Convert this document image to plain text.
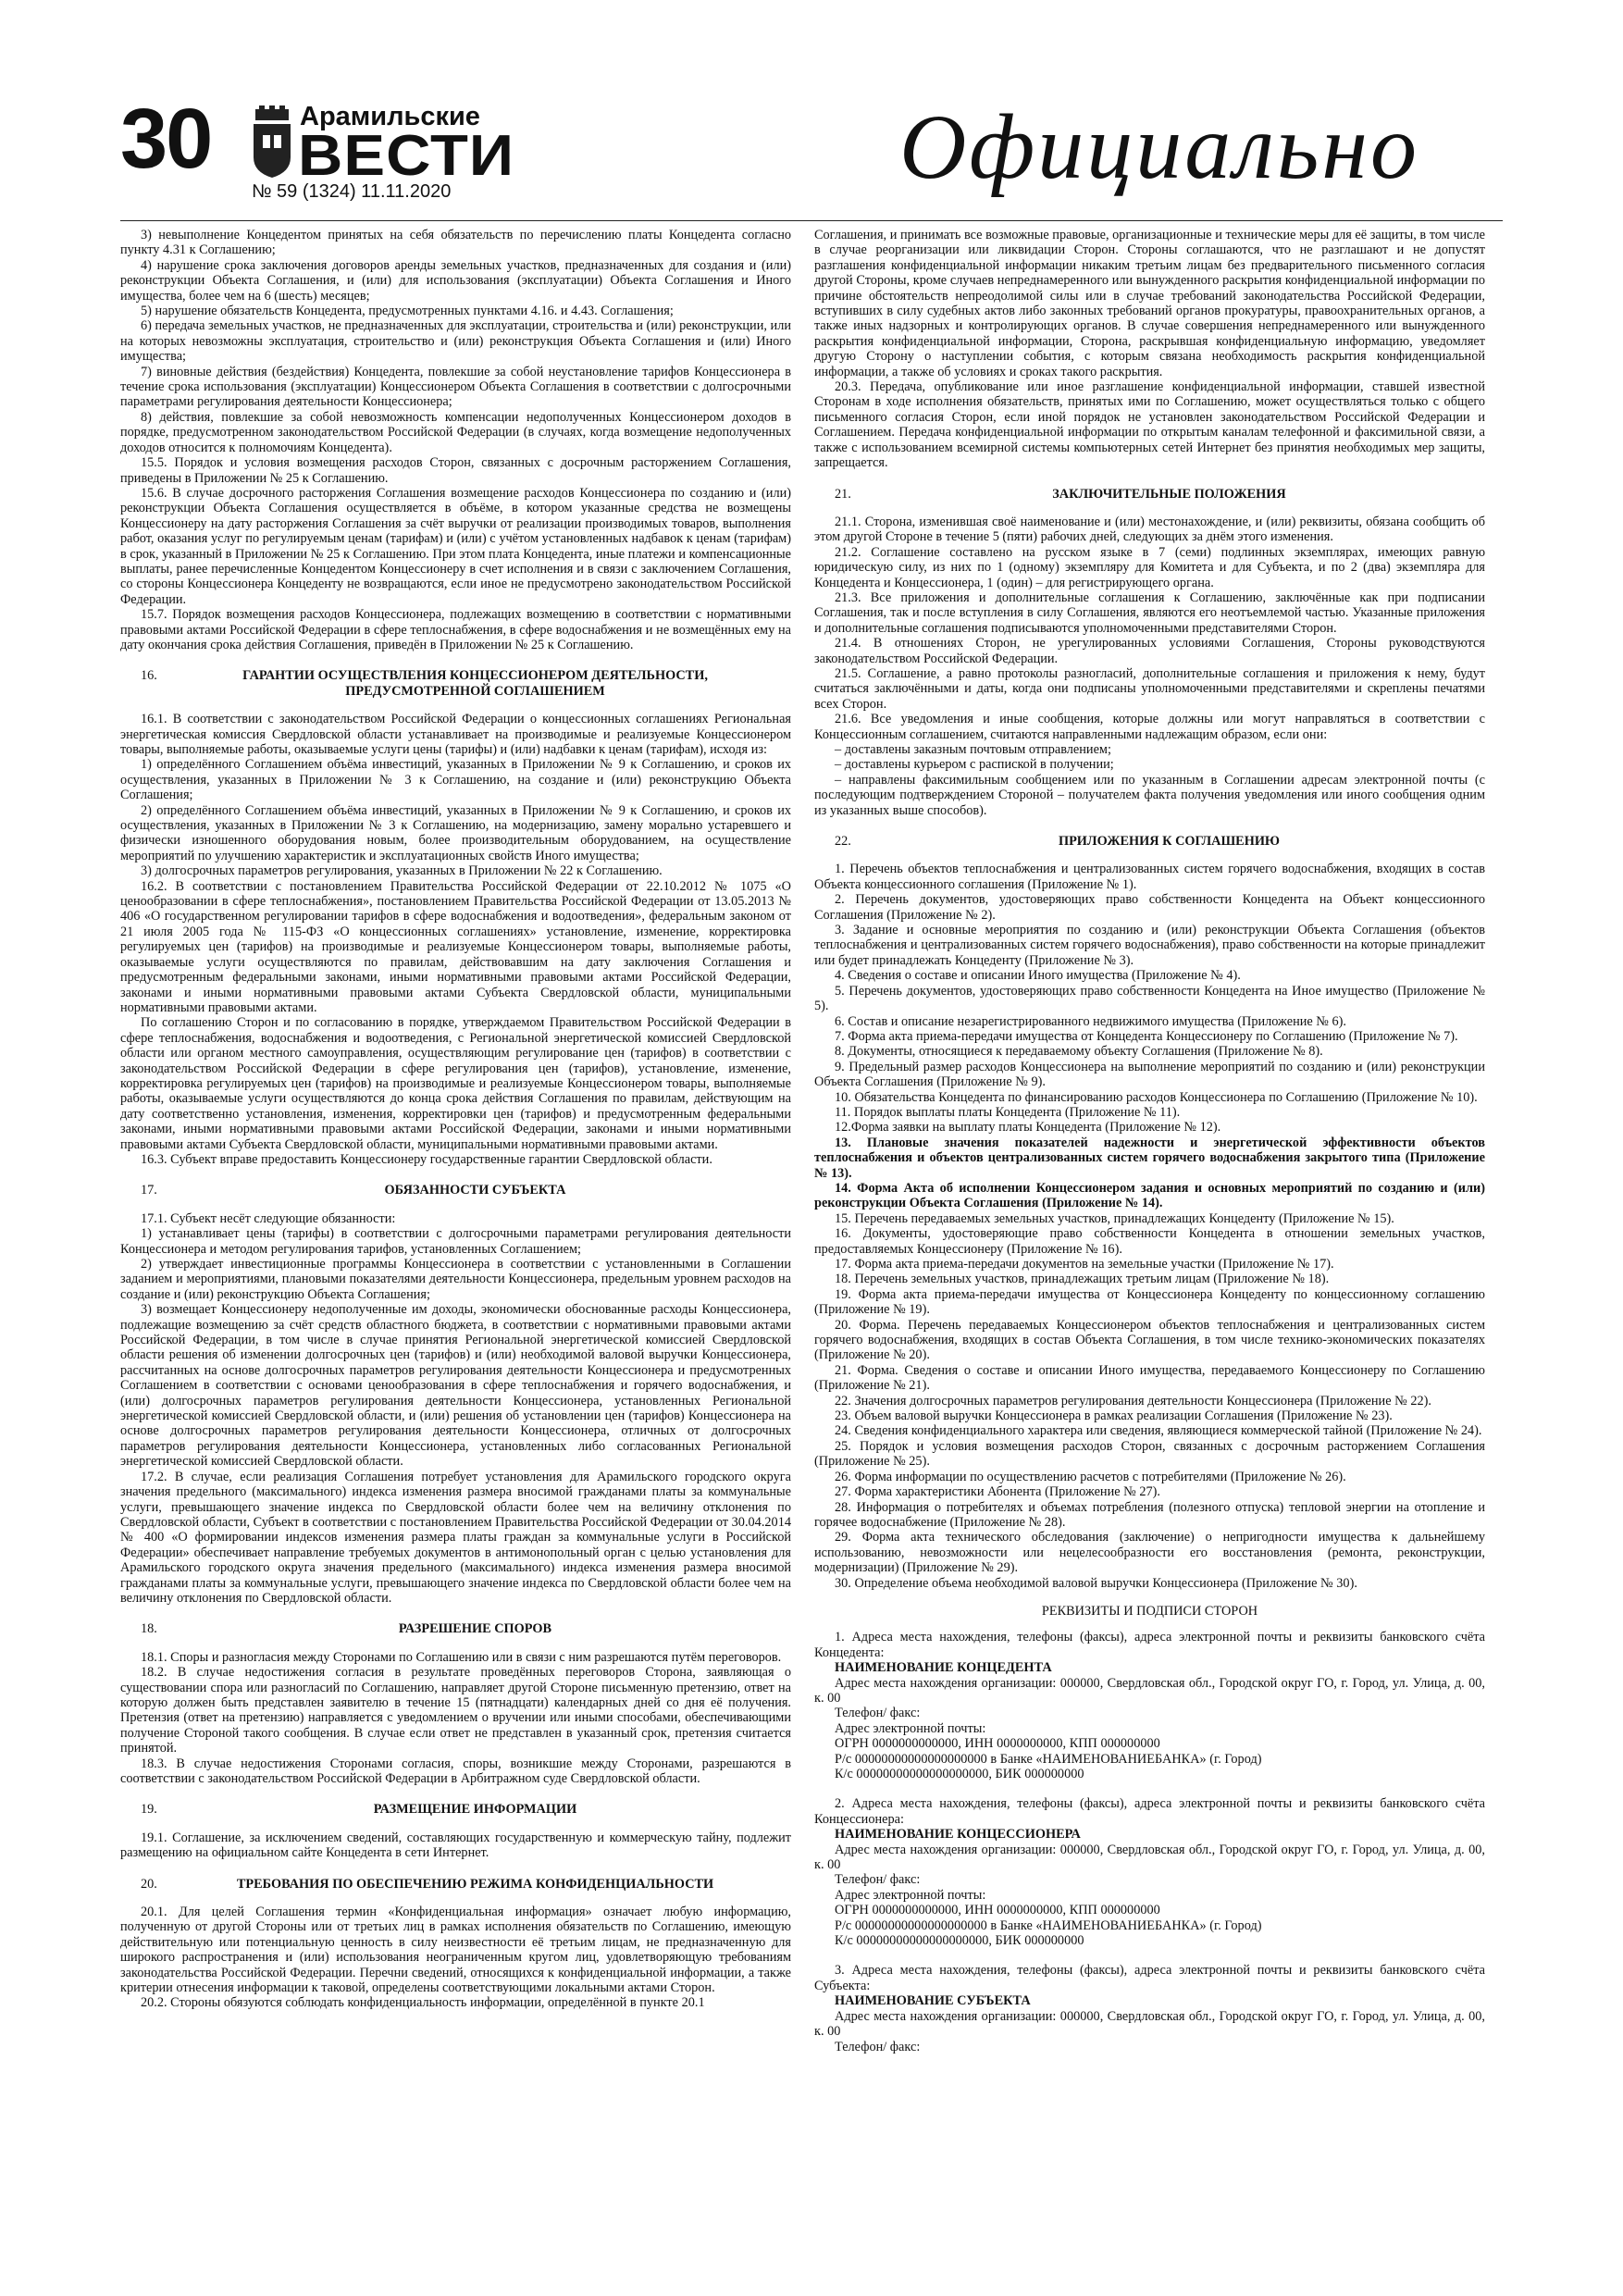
30	Арамильские
ВЕСТИ
№ 59 (1324) 11.11.2020	Официально

3) невыполнение Концедентом принятых на себя обязательств по перечислению платы Концедента согласно пункту 4.31 к Соглашению;

4) нарушение срока заключения договоров аренды земельных участков, предназначенных для создания и (или) реконструкции Объекта Соглашения, и (или) для использования (эксплуатации) Объекта Соглашения и Иного имущества, более чем на 6 (шесть) месяцев;

5) нарушение обязательств Концедента, предусмотренных пунктами 4.16. и 4.43. Соглашения;

6) передача земельных участков, не предназначенных для эксплуатации, строительства и (или) реконструкции, или на которых невозможны эксплуатация, строительство и (или) реконструкция Объекта Соглашения и (или) Иного имущества;

7) виновные действия (бездействия) Концедента, повлекшие за собой неустановление тарифов Концессионера в течение срока использования (эксплуатации) Концессионером Объекта Соглашения в соответствии с долгосрочными параметрами регулирования деятельности Концессионера;

8) действия, повлекшие за собой невозможность компенсации недополученных Концессионером доходов в порядке, предусмотренном законодательством Российской Федерации (в случаях, когда возмещение недополученных доходов относится к полномочиям Концедента).

15.5. Порядок и условия возмещения расходов Сторон, связанных с досрочным расторжением Соглашения, приведены в Приложении № 25 к Соглашению.

15.6. В случае досрочного расторжения Соглашения возмещение расходов Концессионера по созданию и (или) реконструкции Объекта Соглашения осуществляется в объёме, в котором указанные средства не возмещены Концессионеру на дату расторжения Соглашения за счёт выручки от реализации производимых товаров, выполнения работ, оказания услуг по регулируемым ценам (тарифам) и (или) с учётом установленных надбавок к ценам (тарифам) в срок, указанный в Приложении № 25 к Соглашению. При этом плата Концедента, иные платежи и компенсационные выплаты, ранее перечисленные Концедентом Концессионеру в счет исполнения и в связи с заключением Соглашения, со стороны Концессионера Концеденту не возвращаются, если иное не предусмотрено законодательством Российской Федерации.

15.7. Порядок возмещения расходов Концессионера, подлежащих возмещению в соответствии с нормативными правовыми актами Российской Федерации в сфере теплоснабжения, в сфере водоснабжения и не возмещённых ему на дату окончания срока действия Соглашения, приведён в Приложении № 25 к Соглашению.

16.	ГАРАНТИИ ОСУЩЕСТВЛЕНИЯ КОНЦЕССИОНЕРОМ ДЕЯТЕЛЬНОСТИ, ПРЕДУСМОТРЕННОЙ СОГЛАШЕНИЕМ

16.1. В соответствии с законодательством Российской Федерации о концессионных соглашениях Региональная энергетическая комиссия Свердловской области устанавливает на производимые и реализуемые Концессионером товары, выполняемые работы, оказываемые услуги цены (тарифы) и (или) надбавки к ценам (тарифам), исходя из:

1) определённого Соглашением объёма инвестиций, указанных в Приложении № 9 к Соглашению, и сроков их осуществления, указанных в Приложении № 3 к Соглашению, на создание и (или) реконструкцию Объекта Соглашения;

2) определённого Соглашением объёма инвестиций, указанных в Приложении № 9 к Соглашению, и сроков их осуществления, указанных в Приложении № 3 к Соглашению, на модернизацию, замену морально устаревшего и физически изношенного оборудования новым, более производительным оборудованием, на осуществление мероприятий по улучшению характеристик и эксплуатационных свойств Иного имущества;

3) долгосрочных параметров регулирования, указанных в Приложении № 22 к Соглашению.

16.2. В соответствии с постановлением Правительства Российской Федерации от 22.10.2012 № 1075 «О ценообразовании в сфере теплоснабжения», постановлением Правительства Российской Федерации от 13.05.2013 № 406 «О государственном регулировании тарифов в сфере водоснабжения и водоотведения», федеральным законом от 21 июля 2005 года № 115-ФЗ «О концессионных соглашениях» установление, изменение, корректировка регулируемых цен (тарифов) на производимые и реализуемые Концессионером товары, выполняемые работы, оказываемые услуги осуществляются по правилам, действовавшим на дату заключения Соглашения и предусмотренным федеральными законами, иными нормативными правовыми актами Российской Федерации, законами и иными нормативными правовыми актами Субъекта Свердловской области, муниципальными нормативными правовыми актами.

По соглашению Сторон и по согласованию в порядке, утверждаемом Правительством Российской Федерации в сфере теплоснабжения, водоснабжения и водоотведения, с Региональной энергетической комиссией Свердловской области или органом местного самоуправления, осуществляющим регулирование цен (тарифов) в соответствии с законодательством Российской Федерации в сфере регулирования цен (тарифов), установление, изменение, корректировка регулируемых цен (тарифов) на производимые и реализуемые Концессионером товары, выполняемые работы, оказываемые услуги осуществляются до конца срока действия Соглашения по правилам, действующим на дату соответственно установления, изменения, корректировки цен (тарифов) и предусмотренным федеральными законами, иными нормативными правовыми актами Российской Федерации, законами и иными нормативными правовыми актами Субъекта Свердловской области, муниципальными нормативными правовыми актами.

16.3. Субъект вправе предоставить Концессионеру государственные гарантии Свердловской области.

17.	ОБЯЗАННОСТИ СУБЪЕКТА

17.1. Субъект несёт следующие обязанности:

1) устанавливает цены (тарифы) в соответствии с долгосрочными параметрами регулирования деятельности Концессионера и методом регулирования тарифов, установленных Соглашением;

2) утверждает инвестиционные программы Концессионера в соответствии с установленными в Соглашении заданием и мероприятиями, плановыми показателями деятельности Концессионера, предельным уровнем расходов на создание и (или) реконструкцию Объекта Соглашения;

3) возмещает Концессионеру недополученные им доходы, экономически обоснованные расходы Концессионера, подлежащие возмещению за счёт средств областного бюджета, в соответствии с нормативными правовыми актами Российской Федерации, в том числе в случае принятия Региональной энергетической комиссией Свердловской области решения об изменении долгосрочных цен (тарифов) и (или) необходимой валовой выручки Концессионера, рассчитанных на основе долгосрочных параметров регулирования деятельности Концессионера и предусмотренных Соглашением в соответствии с основами ценообразования в сфере теплоснабжения и горячего водоснабжения, и (или) долгосрочных параметров регулирования деятельности Концессионера, установленных Региональной энергетической комиссией Свердловской области, и (или) решения об установлении цен (тарифов) Концессионера на основе долгосрочных параметров регулирования деятельности Концессионера, отличных от долгосрочных параметров регулирования деятельности Концессионера, установленных либо согласованных Региональной энергетической комиссией Свердловской области.

17.2. В случае, если реализация Соглашения потребует установления для Арамильского городского округа значения предельного (максимального) индекса изменения размера вносимой гражданами платы за коммунальные услуги, превышающего значение индекса по Свердловской области более чем на величину отклонения по Свердловской области, Субъект в соответствии с постановлением Правительства Российской Федерации от 30.04.2014 № 400 «О формировании индексов изменения размера платы граждан за коммунальные услуги в Российской Федерации» обеспечивает направление требуемых документов в антимонопольный орган с целью установления для Арамильского городского округа значения предельного (максимального) индекса изменения размера вносимой гражданами платы за коммунальные услуги, превышающего значение индекса по Свердловской области более чем на величину отклонения по Свердловской области.

18.	РАЗРЕШЕНИЕ СПОРОВ

18.1. Споры и разногласия между Сторонами по Соглашению или в связи с ним разрешаются путём переговоров.

18.2. В случае недостижения согласия в результате проведённых переговоров Сторона, заявляющая о существовании спора или разногласий по Соглашению, направляет другой Стороне письменную претензию, ответ на которую должен быть представлен заявителю в течение 15 (пятнадцати) календарных дней со дня её получения. Претензия (ответ на претензию) направляется с уведомлением о вручении или иными способами, обеспечивающими получение Стороной такого сообщения. В случае если ответ не представлен в указанный срок, претензия считается принятой.

18.3. В случае недостижения Сторонами согласия, споры, возникшие между Сторонами, разрешаются в соответствии с законодательством Российской Федерации в Арбитражном суде Свердловской области.

19.	РАЗМЕЩЕНИЕ ИНФОРМАЦИИ

19.1. Соглашение, за исключением сведений, составляющих государственную и коммерческую тайну, подлежит размещению на официальном сайте Концедента в сети Интернет.

20.	ТРЕБОВАНИЯ ПО ОБЕСПЕЧЕНИЮ РЕЖИМА КОНФИДЕНЦИАЛЬНОСТИ

20.1. Для целей Соглашения термин «Конфиденциальная информация» означает любую информацию, полученную от другой Стороны или от третьих лиц в рамках исполнения обязательств по Соглашению, имеющую действительную или потенциальную ценность в силу неизвестности её третьим лицам, не предназначенную для широкого распространения и (или) использования неограниченным кругом лиц, удовлетворяющую требованиям законодательства Российской Федерации. Перечни сведений, относящихся к конфиденциальной информации, а также критерии отнесения информации к таковой, определены соответствующими локальными актами Сторон.

20.2. Стороны обязуются соблюдать конфиденциальность информации, определённой в пункте 20.1

Соглашения, и принимать все возможные правовые, организационные и технические меры для её защиты, в том числе в случае реорганизации или ликвидации Сторон. Стороны соглашаются, что не разглашают и не допустят разглашения конфиденциальной информации никаким третьим лицам без предварительного письменного согласия другой Стороны, кроме случаев непреднамеренного или вынужденного раскрытия конфиденциальной информации по причине обстоятельств непреодолимой силы или в случае требований законодательства Российской Федерации, вступивших в силу судебных актов либо законных требований органов прокуратуры, правоохранительных органов, а также иных надзорных и контролирующих органов. В случае совершения непреднамеренного или вынужденного раскрытия конфиденциальной информации, Сторона, раскрывшая конфиденциальную информацию, уведомляет другую Сторону о наступлении события, с которым связана необходимость раскрытия конфиденциальной информации, а также об условиях и сроках такого раскрытия.

20.3. Передача, опубликование или иное разглашение конфиденциальной информации, ставшей известной Сторонам в ходе исполнения обязательств, принятых ими по Соглашению, может осуществляться только с общего письменного согласия Сторон, если иной порядок не установлен законодательством Российской Федерации и Соглашением. Передача конфиденциальной информации по открытым каналам телефонной и факсимильной связи, а также с использованием всемирной системы компьютерных сетей Интернет без принятия необходимых мер защиты, запрещается.

21.	ЗАКЛЮЧИТЕЛЬНЫЕ ПОЛОЖЕНИЯ

21.1. Сторона, изменившая своё наименование и (или) местонахождение, и (или) реквизиты, обязана сообщить об этом другой Стороне в течение 5 (пяти) рабочих дней, следующих за днём этого изменения.

21.2. Соглашение составлено на русском языке в 7 (семи) подлинных экземплярах, имеющих равную юридическую силу, из них по 1 (одному) экземпляру для Комитета и для Субъекта, и по 2 (два) экземпляра для Концедента и Концессионера, 1 (один) – для регистрирующего органа.

21.3. Все приложения и дополнительные соглашения к Соглашению, заключённые как при подписании Соглашения, так и после вступления в силу Соглашения, являются его неотъемлемой частью. Указанные приложения и дополнительные соглашения подписываются уполномоченными представителями Сторон.

21.4. В отношениях Сторон, не урегулированных условиями Соглашения, Стороны руководствуются законодательством Российской Федерации.

21.5. Соглашение, а равно протоколы разногласий, дополнительные соглашения и приложения к нему, будут считаться заключёнными и даты, когда они подписаны уполномоченными представителями и скреплены печатями всех Сторон.

21.6. Все уведомления и иные сообщения, которые должны или могут направляться в соответствии с Концессионным соглашением, считаются направленными надлежащим образом, если они:

– доставлены заказным почтовым отправлением;

– доставлены курьером с распиской в получении;

– направлены факсимильным сообщением или по указанным в Соглашении адресам электронной почты (с последующим подтверждением Стороной – получателем факта получения уведомления или иного сообщения одним из указанных выше способов).

22.	ПРИЛОЖЕНИЯ К СОГЛАШЕНИЮ

1. Перечень объектов теплоснабжения и централизованных систем горячего водоснабжения, входящих в состав Объекта концессионного соглашения (Приложение № 1).

2. Перечень документов, удостоверяющих право собственности Концедента на Объект концессионного Соглашения (Приложение № 2).

3. Задание и основные мероприятия по созданию и (или) реконструкции Объекта Соглашения (объектов теплоснабжения и централизованных систем горячего водоснабжения), право собственности на которые принадлежит или будет принадлежать Концеденту (Приложение № 3).

4. Сведения о составе и описании Иного имущества (Приложение № 4).

5. Перечень документов, удостоверяющих право собственности Концедента на Иное имущество (Приложение № 5).

6. Состав и описание незарегистрированного недвижимого имущества (Приложение № 6).

7. Форма акта приема-передачи имущества от Концедента Концессионеру по Соглашению (Приложение № 7).

8. Документы, относящиеся к передаваемому объекту Соглашения (Приложение № 8).

9. Предельный размер расходов Концессионера на выполнение мероприятий по созданию и (или) реконструкции Объекта Соглашения (Приложение № 9).

10. Обязательства Концедента по финансированию расходов Концессионера по Соглашению (Приложение № 10).

11. Порядок выплаты платы Концедента (Приложение № 11).

12.Форма заявки на выплату платы Концедента (Приложение № 12).

13. Плановые значения показателей надежности и энергетической эффективности объектов теплоснабжения и объектов централизованных систем горячего водоснабжения закрытого типа (Приложение № 13).

14. Форма Акта об исполнении Концессионером задания и основных мероприятий по созданию и (или) реконструкции Объекта Соглашения (Приложение № 14).

15. Перечень передаваемых земельных участков, принадлежащих Концеденту (Приложение № 15).

16. Документы, удостоверяющие право собственности Концедента в отношении земельных участков, предоставляемых Концессионеру (Приложение № 16).

17. Форма акта приема-передачи документов на земельные участки (Приложение № 17).

18. Перечень земельных участков, принадлежащих третьим лицам (Приложение № 18).

19. Форма акта приема-передачи имущества от Концессионера Концеденту по концессионному соглашению (Приложение № 19).

20. Форма. Перечень передаваемых Концессионером объектов теплоснабжения и централизованных систем горячего водоснабжения, входящих в состав Объекта Соглашения, в том числе технико-экономических показателях (Приложение № 20).

21. Форма. Сведения о составе и описании Иного имущества, передаваемого Концессионеру по Соглашению (Приложение № 21).

22. Значения долгосрочных параметров регулирования деятельности Концессионера (Приложение № 22).

23. Объем валовой выручки Концессионера в рамках реализации Соглашения (Приложение № 23).

24. Сведения конфиденциального характера или сведения, являющиеся коммерческой тайной (Приложение № 24).

25. Порядок и условия возмещения расходов Сторон, связанных с досрочным расторжением Соглашения (Приложение № 25).

26. Форма информации по осуществлению расчетов с потребителями (Приложение № 26).

27. Форма характеристики Абонента (Приложение № 27).

28. Информация о потребителях и объемах потребления (полезного отпуска) тепловой энергии на отопление и горячее водоснабжение (Приложение № 28).

29. Форма акта технического обследования (заключение) о непригодности имущества к дальнейшему использованию, невозможности или нецелесообразности его восстановления (ремонта, реконструкции, модернизации) (Приложение № 29).

30. Определение объема необходимой валовой выручки Концессионера (Приложение № 30).

РЕКВИЗИТЫ И ПОДПИСИ СТОРОН

1. Адреса места нахождения, телефоны (факсы), адреса электронной почты и реквизиты банковского счёта Концедента:

НАИМЕНОВАНИЕ КОНЦЕДЕНТА

Адрес места нахождения организации: 000000, Свердловская обл., Городской округ ГО, г. Город, ул. Улица, д. 00, к. 00

Телефон/ факс:

Адрес электронной почты:

ОГРН 0000000000000, ИНН 0000000000, КПП 000000000

Р/с 00000000000000000000 в Банке «НАИМЕНОВАНИЕБАНКА» (г. Город)

К/с 00000000000000000000, БИК 000000000

2. Адреса места нахождения, телефоны (факсы), адреса электронной почты и реквизиты банковского счёта Концессионера:

НАИМЕНОВАНИЕ КОНЦЕССИОНЕРА

Адрес места нахождения организации: 000000, Свердловская обл., Городской округ ГО, г. Город, ул. Улица, д. 00, к. 00

Телефон/ факс:

Адрес электронной почты:

ОГРН 0000000000000, ИНН 0000000000, КПП 000000000

Р/с 00000000000000000000 в Банке «НАИМЕНОВАНИЕБАНКА» (г. Город)

К/с 00000000000000000000, БИК 000000000

3. Адреса места нахождения, телефоны (факсы), адреса электронной почты и реквизиты банковского счёта Субъекта:

НАИМЕНОВАНИЕ СУБЪЕКТА

Адрес места нахождения организации: 000000, Свердловская обл., Городской округ ГО, г. Город, ул. Улица, д. 00, к. 00

Телефон/ факс:
